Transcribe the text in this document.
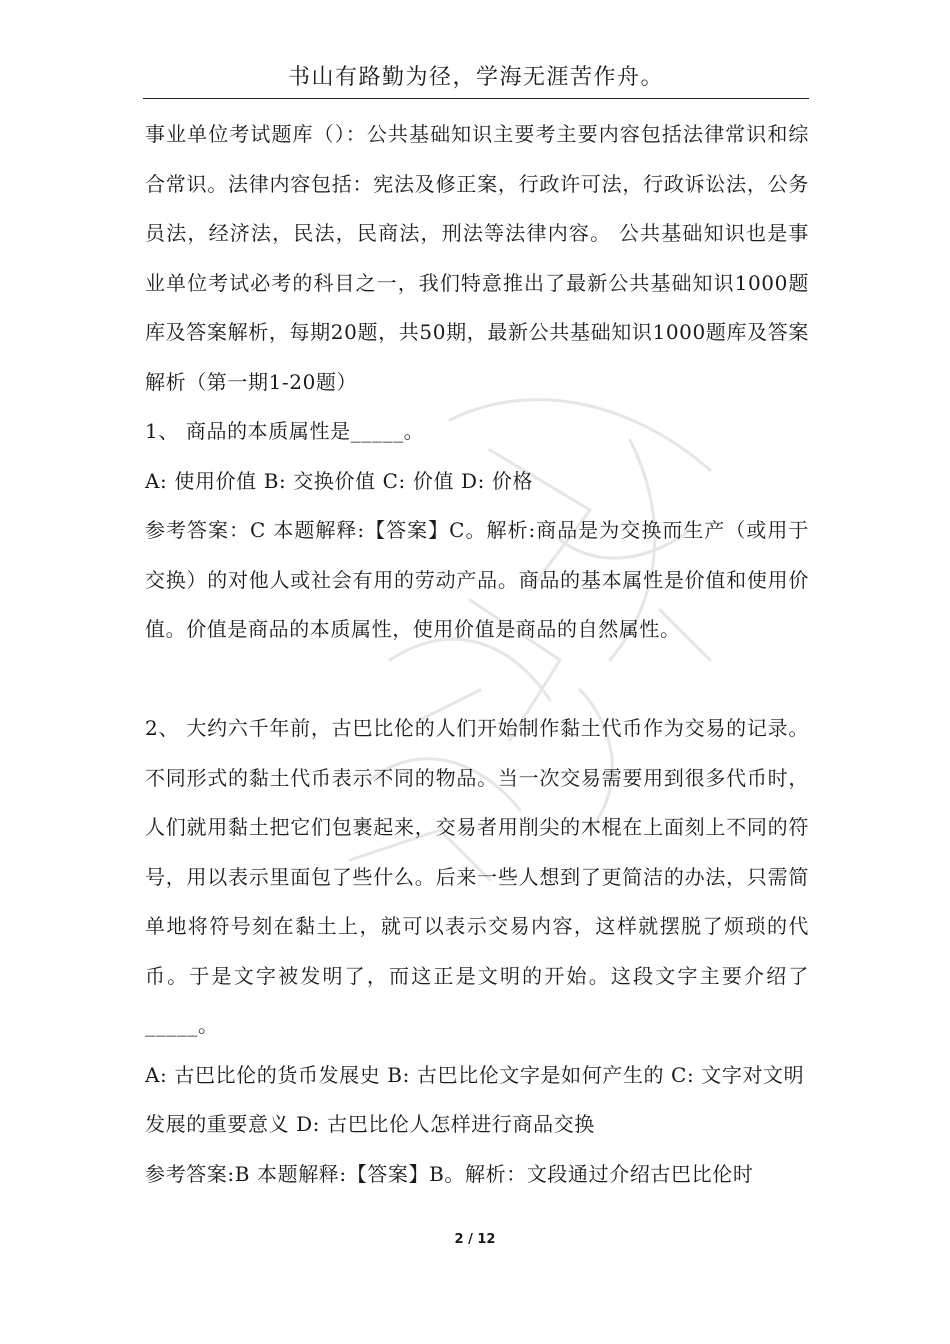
书山有路勤为径，学海无涯苦作舟。

事业单位考试题库（）：公共基础知识主要考主要内容包括法律常识和综合常识。法律内容包括：宪法及修正案，行政许可法，行政诉讼法，公务员法，经济法，民法，民商法，刑法等法律内容。 公共基础知识也是事业单位考试必考的科目之一，我们特意推出了最新公共基础知识1000题库及答案解析，每期20题，共50期，最新公共基础知识1000题库及答案解析（第一期1-20题）

1、 商品的本质属性是_____。

A: 使用价值 B: 交换价值 C: 价值 D: 价格

参考答案：C 本题解释:【答案】C。解析:商品是为交换而生产（或用于交换）的对他人或社会有用的劳动产品。商品的基本属性是价值和使用价值。价值是商品的本质属性，使用价值是商品的自然属性。

2、 大约六千年前，古巴比伦的人们开始制作黏土代币作为交易的记录。不同形式的黏土代币表示不同的物品。当一次交易需要用到很多代币时，人们就用黏土把它们包裹起来，交易者用削尖的木棍在上面刻上不同的符号，用以表示里面包了些什么。后来一些人想到了更简洁的办法，只需简单地将符号刻在黏土上，就可以表示交易内容，这样就摆脱了烦琐的代币。于是文字被发明了，而这正是文明的开始。这段文字主要介绍了_____。

A: 古巴比伦的货币发展史 B: 古巴比伦文字是如何产生的 C: 文字对文明发展的重要意义 D: 古巴比伦人怎样进行商品交换

参考答案:B 本题解释:【答案】B。解析：文段通过介绍古巴比伦时

2 / 12
